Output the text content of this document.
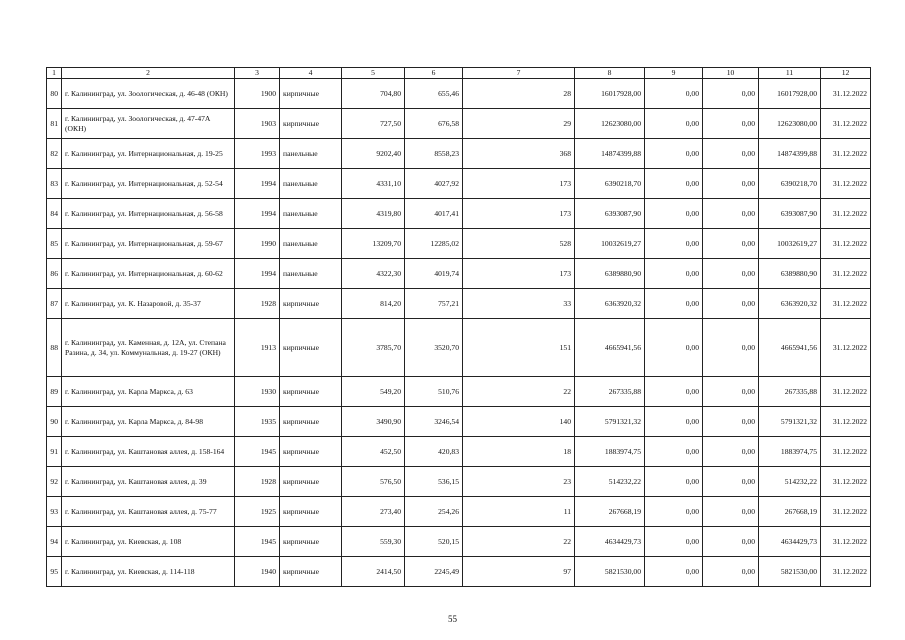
1	2	3	4	5	6	7	8	9	10	11	12
80	г. Калининград, ул. Зоологическая, д. 46-48 (ОКН)	1900	кирпичные	704,80	655,46	28	16017928,00	0,00	0,00	16017928,00	31.12.2022
81	г. Калининград, ул. Зоологическая, д. 47-47А (ОКН)	1903	кирпичные	727,50	676,58	29	12623080,00	0,00	0,00	12623080,00	31.12.2022
82	г. Калининград, ул. Интернациональная, д. 19-25	1993	панельные	9202,40	8558,23	368	14874399,88	0,00	0,00	14874399,88	31.12.2022
83	г. Калининград, ул. Интернациональная, д. 52-54	1994	панельные	4331,10	4027,92	173	6390218,70	0,00	0,00	6390218,70	31.12.2022
84	г. Калининград, ул. Интернациональная, д. 56-58	1994	панельные	4319,80	4017,41	173	6393087,90	0,00	0,00	6393087,90	31.12.2022
85	г. Калининград, ул. Интернациональная, д. 59-67	1990	панельные	13209,70	12285,02	528	10032619,27	0,00	0,00	10032619,27	31.12.2022
86	г. Калининград, ул. Интернациональная, д. 60-62	1994	панельные	4322,30	4019,74	173	6389880,90	0,00	0,00	6389880,90	31.12.2022
87	г. Калининград, ул. К. Назаровой, д. 35-37	1928	кирпичные	814,20	757,21	33	6363920,32	0,00	0,00	6363920,32	31.12.2022
88	г. Калининград, ул. Каменная, д. 12А, ул. Степана Разина, д. 34, ул. Коммунальная, д. 19-27 (ОКН)	1913	кирпичные	3785,70	3520,70	151	4665941,56	0,00	0,00	4665941,56	31.12.2022
89	г. Калининград, ул. Карла Маркса, д. 63	1930	кирпичные	549,20	510,76	22	267335,88	0,00	0,00	267335,88	31.12.2022
90	г. Калининград, ул. Карла Маркса, д. 84-98	1935	кирпичные	3490,90	3246,54	140	5791321,32	0,00	0,00	5791321,32	31.12.2022
91	г. Калининград, ул. Каштановая аллея, д. 158-164	1945	кирпичные	452,50	420,83	18	1883974,75	0,00	0,00	1883974,75	31.12.2022
92	г. Калининград, ул. Каштановая аллея, д. 39	1928	кирпичные	576,50	536,15	23	514232,22	0,00	0,00	514232,22	31.12.2022
93	г. Калининград, ул. Каштановая аллея, д. 75-77	1925	кирпичные	273,40	254,26	11	267668,19	0,00	0,00	267668,19	31.12.2022
94	г. Калининград, ул. Киевская, д. 108	1945	кирпичные	559,30	520,15	22	4634429,73	0,00	0,00	4634429,73	31.12.2022
95	г. Калининград, ул. Киевская, д. 114-118	1940	кирпичные	2414,50	2245,49	97	5821530,00	0,00	0,00	5821530,00	31.12.2022
55
